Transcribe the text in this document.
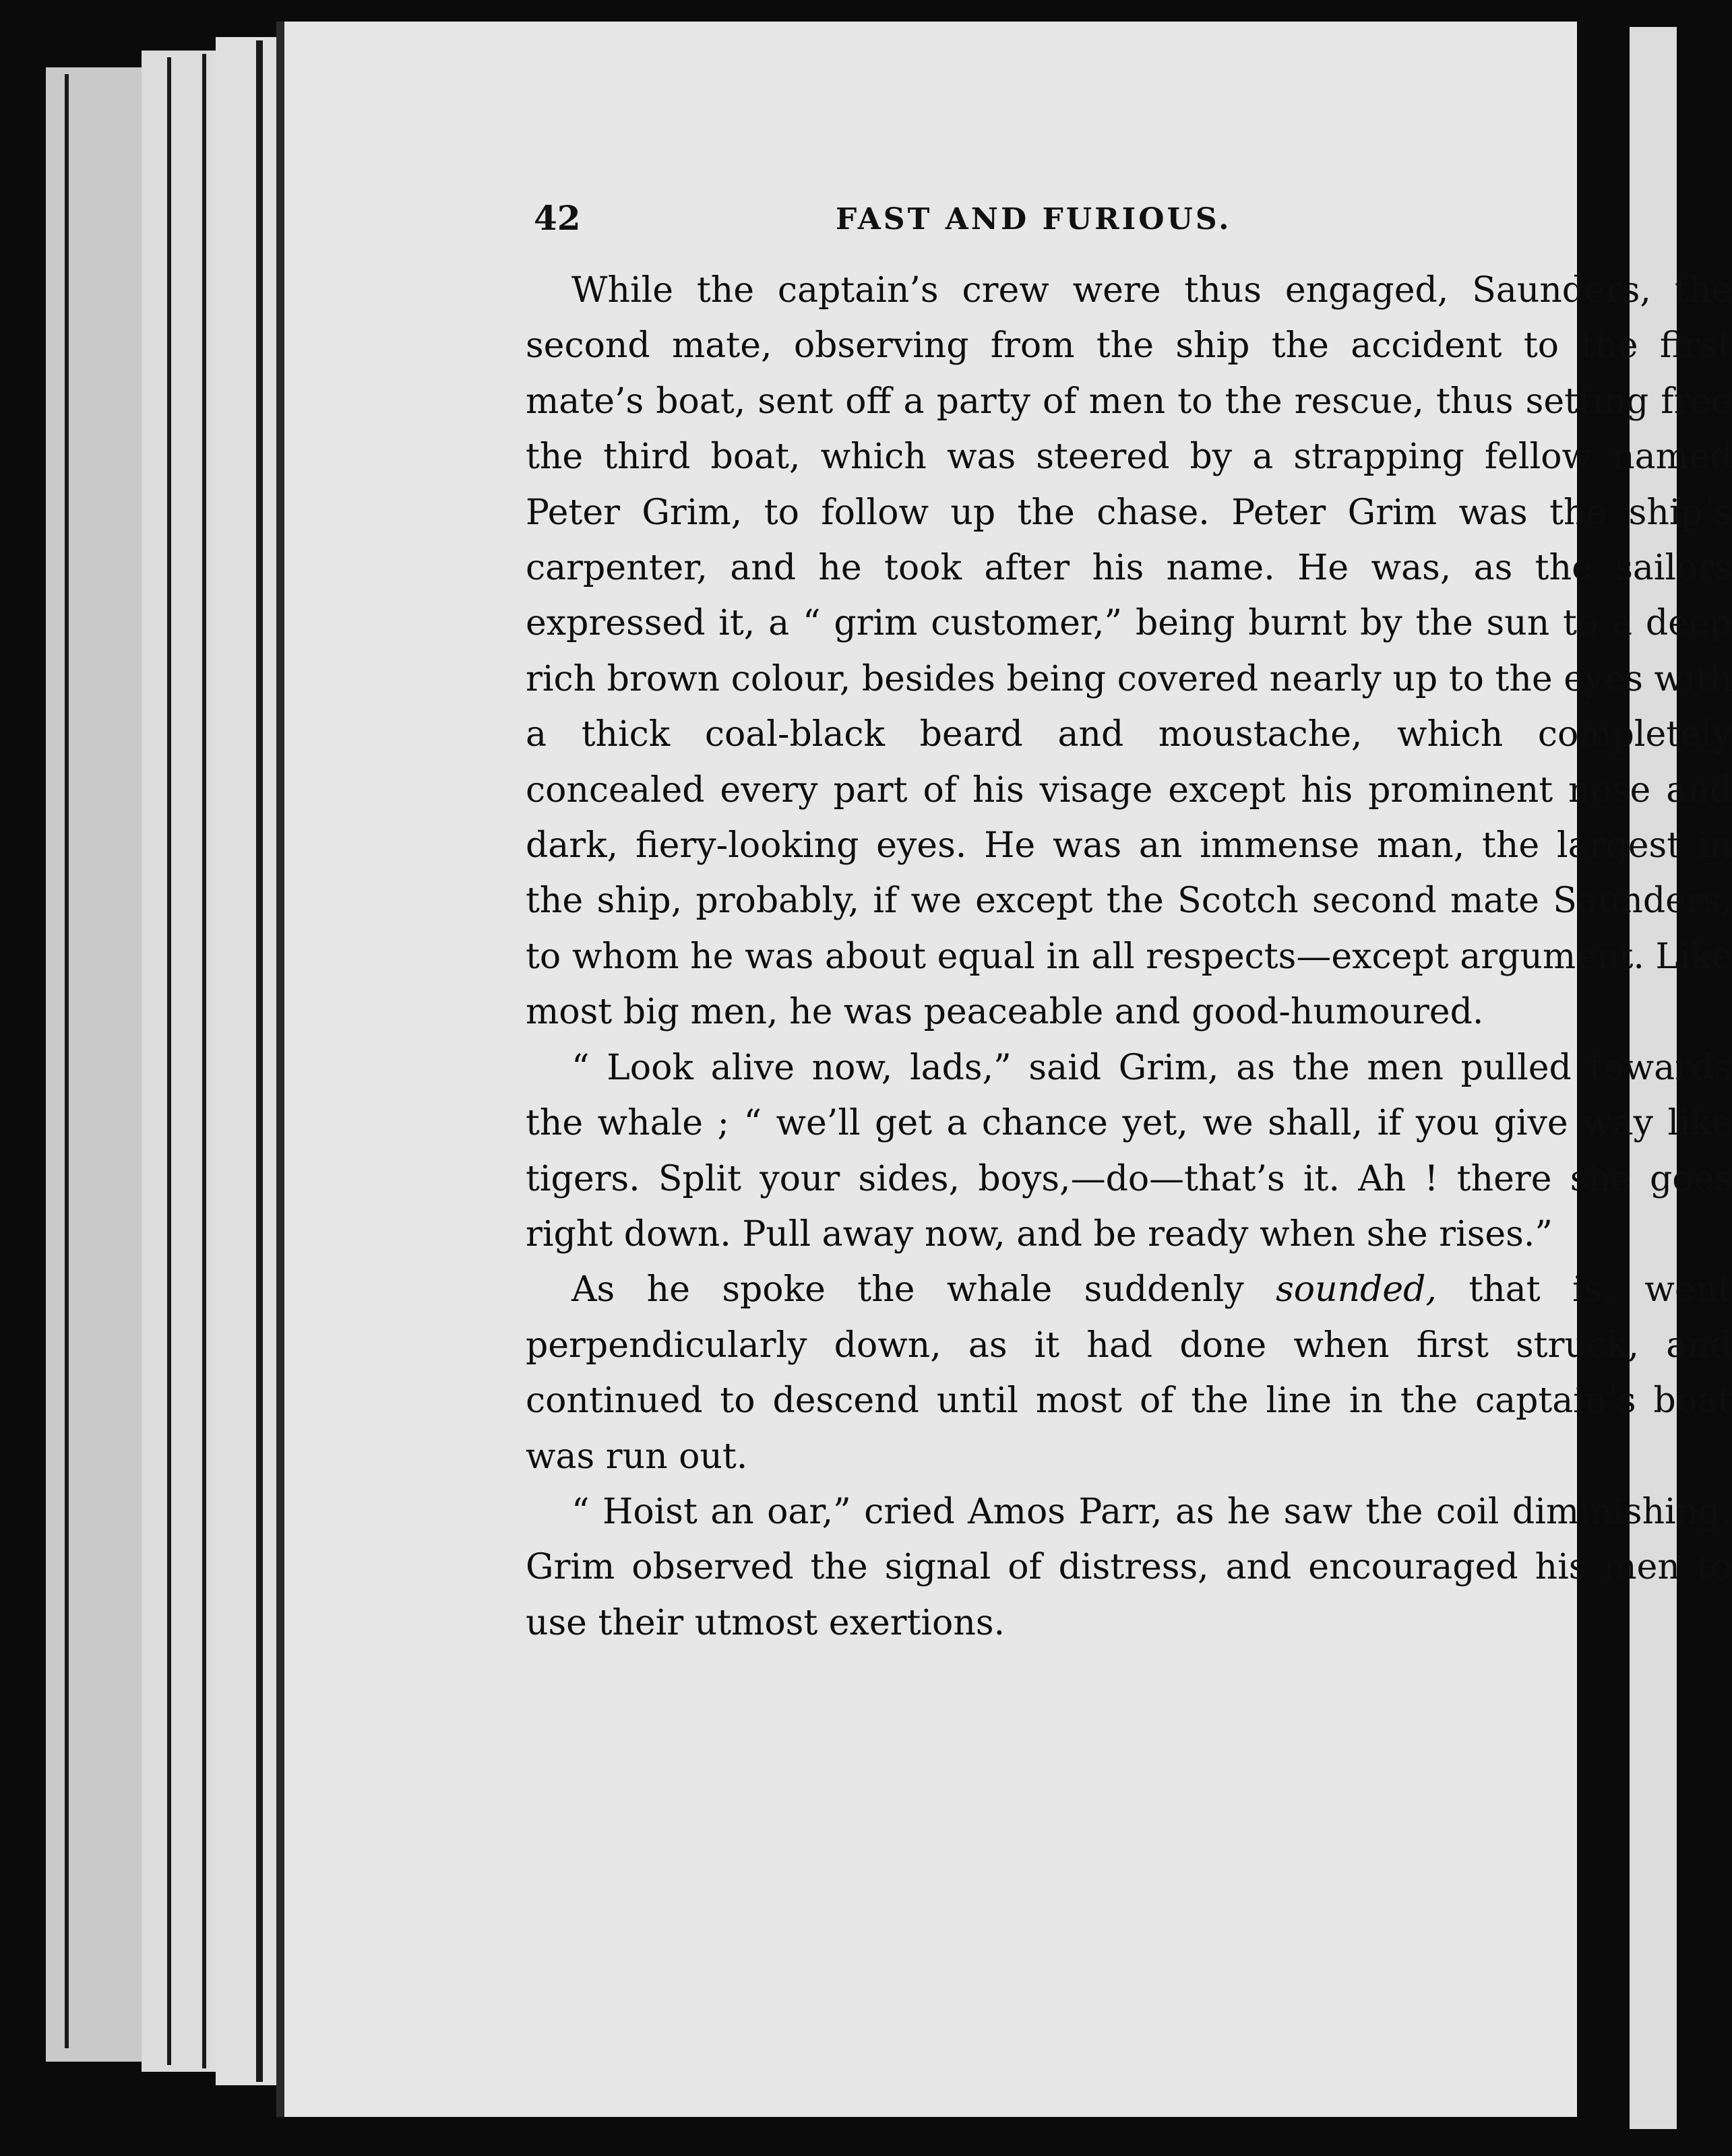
42	FAST AND FURIOUS.

While the captain’s crew were thus engaged, Saunders, the second mate, observing from the ship the accident to the first mate’s boat, sent off a party of men to the rescue, thus setting free the third boat, which was steered by a strapping fellow named Peter Grim, to follow up the chase. Peter Grim was the ship’s carpenter, and he took after his name. He was, as the sailors expressed it, a “ grim customer,” being burnt by the sun to a deep rich brown colour, besides being covered nearly up to the eyes with a thick coal-black beard and moustache, which completely concealed every part of his visage except his prominent nose and dark, fiery-looking eyes. He was an immense man, the largest in the ship, probably, if we except the Scotch second mate Saunders, to whom he was about equal in all respects—except argument. Like most big men, he was peaceable and good-humoured.

“ Look alive now, lads,” said Grim, as the men pulled towards the whale ; “ we’ll get a chance yet, we shall, if you give way like tigers. Split your sides, boys,—do—that’s it. Ah ! there she goes right down. Pull away now, and be ready when she rises.”

As he spoke the whale suddenly sounded, that is, went perpendicularly down, as it had done when first struck, and continued to descend until most of the line in the captain’s boat was run out.

“ Hoist an oar,” cried Amos Parr, as he saw the coil diminishing. Grim observed the signal of distress, and encouraged his men to use their utmost exertions.
